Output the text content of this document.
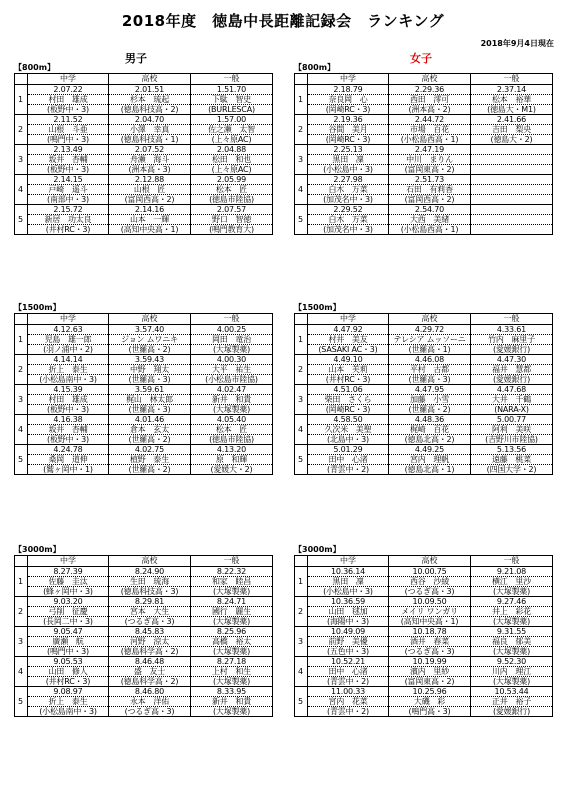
2018年度　徳島中長距離記録会　ランキング
2018年9月4日現在
男子	女子
【800m】
	中学	高校	一般
1	2.07.22
村田　雄成
(板野中・3)	2.01.51
杉本　琉起
(徳島科技高・2)	1.51.70
下駄　智史
(BURLESCA)

2	2.11.52
山根　斗亜
(鳴門中・3)	2.04.70
小澤　幸真
(徳島科技高・1)	1.57.00
佐之瀬　太智
(上々原AC)

3	2.13.49
坂井　杏輔
(板野中・3)	2.07.52
舟瀬　海斗
(洲本高・3)	2.04.88
松田　和也
(上々原AC)

4	2.14.15
戸崎　遥斗
(南部中・3)	2.12.88
山根　匠
(富岡西高・2)	2.05.99
松本　匠
(徳島市陸協)

5	2.15.72
新居　功太良
(井村RC・3)	2.14.16
山本　一輝
(高知中央高・1)	2.07.57
野口　智徳
(鳴門教育大)
【800m】
	中学	高校	一般
1	2.18.79
奈良岡　心
(岡崎RC・3)	2.29.36
西田　澪可
(洲本高・2)	2.37.14
松本　裕華
(徳島大・M1)

2	2.19.36
谷間　美月
(岡崎RC・3)	2.44.72
市場　百花
(小松島西高・1)	2.41.66
吉田　梨央
(徳島大・2)

3	2.25.13
黒田　凜
(小松島中・3)	2.47.19
中川　まりん
(富岡東高・2)	

4	2.27.98
白木　万菜
(加茂名中・3)	2.51.73
石田　有莉香
(富岡西高・2)	

5	2.29.52
白木　万菜
(加茂名中・3)	2.54.70
大西　美緒
(小松島西高・1)	

【1500m】
	中学	高校	一般
1	4.12.63
児島　雄一郎
(羽ノ浦中・2)	3.57.40
ジョン ムワニキ
(世羅高・2)	4.00.25
岡田　竜治
(大塚製薬)

2	4.14.14
折上　泰生
(小松島南中・3)	3.59.43
中野　翔太
(世羅高・3)	4.00.30
大平　祐生
(小松島市陸協)

3	4.15.39
村田　雄成
(板野中・3)	3.59.61
梶山　林太郎
(世羅高・3)	4.02.47
新井　和貴
(大塚製薬)

4	4.16.38
坂井　杏輔
(板野中・3)	4.01.46
倉本　玄太
(世羅高・2)	4.05.40
松本　匠
(徳島市陸協)

5	4.24.78
桑岡　道伸
(鷲ヶ岡中・1)	4.02.75
植野　泰生
(世羅高・2)	4.13.20
原　和輝
(愛媛大・2)
【1500m】
	中学	高校	一般
1	4.47.92
村井　美友
(SASAKI AC・3)	4.29.72
テレシア ムッソーニ
(世羅高・1)	4.33.61
竹内　麻里子
(愛媛銀行)

2	4.49.10
山本　芙莉
(井村RC・3)	4.46.08
平村　古都
(世羅高・3)	4.47.30
福井　慧都
(愛媛銀行)

3	4.51.06
柴田　さくら
(岡崎RC・3)	4.47.95
加藤　小雪
(世羅高・2)	4.47.68
大井　千鶴
(NARA-X)

4	4.58.50
久次米　美聖
(北島中・3)	4.48.36
梶崎　百花
(徳島北高・2)	5.00.77
阿利　美咲
(吉野川市陸協)

5	5.01.29
田中　心渚
(青雲中・2)	4.49.25
宮内　理帆
(徳島北高・1)	5.13.56
遠藤　桃菜
(四国大学・2)
【3000m】
	中学	高校	一般
1	8.27.39
佐藤　圭汰
(蜂ヶ岡中・3)	8.24.90
生田　琉海
(徳島科技高・3)	8.22.32
和家　睦昌
(大塚製薬)

2	9.03.20
弓削　征慶
(長岡二中・3)	8.29.81
宮本　大生
(つるぎ高・3)	8.24.71
國行　麗生
(大塚製薬)

3	9.05.47
廣瀬　航
(鳴門中・3)	8.45.83
河野　涼太
(徳島科学高・2)	8.25.96
高橋　裕太
(大塚製薬)

4	9.05.53
山田　修人
(井村RC・3)	8.46.48
盛　友士
(徳島科学高・2)	8.27.18
上村　和生
(大塚製薬)

5	9.08.97
折上　泰生
(小松島南中・3)	8.46.80
永本　洋佑
(つるぎ高・3)	8.33.95
新井　和貴
(大塚製薬)
【3000m】
	中学	高校	一般
1	10.36.14
黒田　凜
(小松島中・3)	10.00.75
西谷　沙綾
(つるぎ高・3)	9.21.08
横江　里沙
(大塚製薬)

2	10.36.59
山田　毬加
(海陽中・3)	10.09.50
メイリ ワンガリ
(高知中央高・1)	9.27.46
井上　彩花
(大塚製薬)

3	10.49.09
前野　美優
(五色中・3)	10.18.78
酒井　春菜
(つるぎ高・3)	9.31.55
福良　郁美
(大塚製薬)

4	10.52.21
田中　心渚
(青雲中・2)	10.19.99
濱内　里紗
(富岡東高・2)	9.52.30
川内　理江
(大塚製薬)

5	11.00.33
宮内　花菜
(青雲中・2)	10.25.96
大磯　彩
(鳴門高・3)	10.53.44
正井　裕子
(愛媛銀行)
